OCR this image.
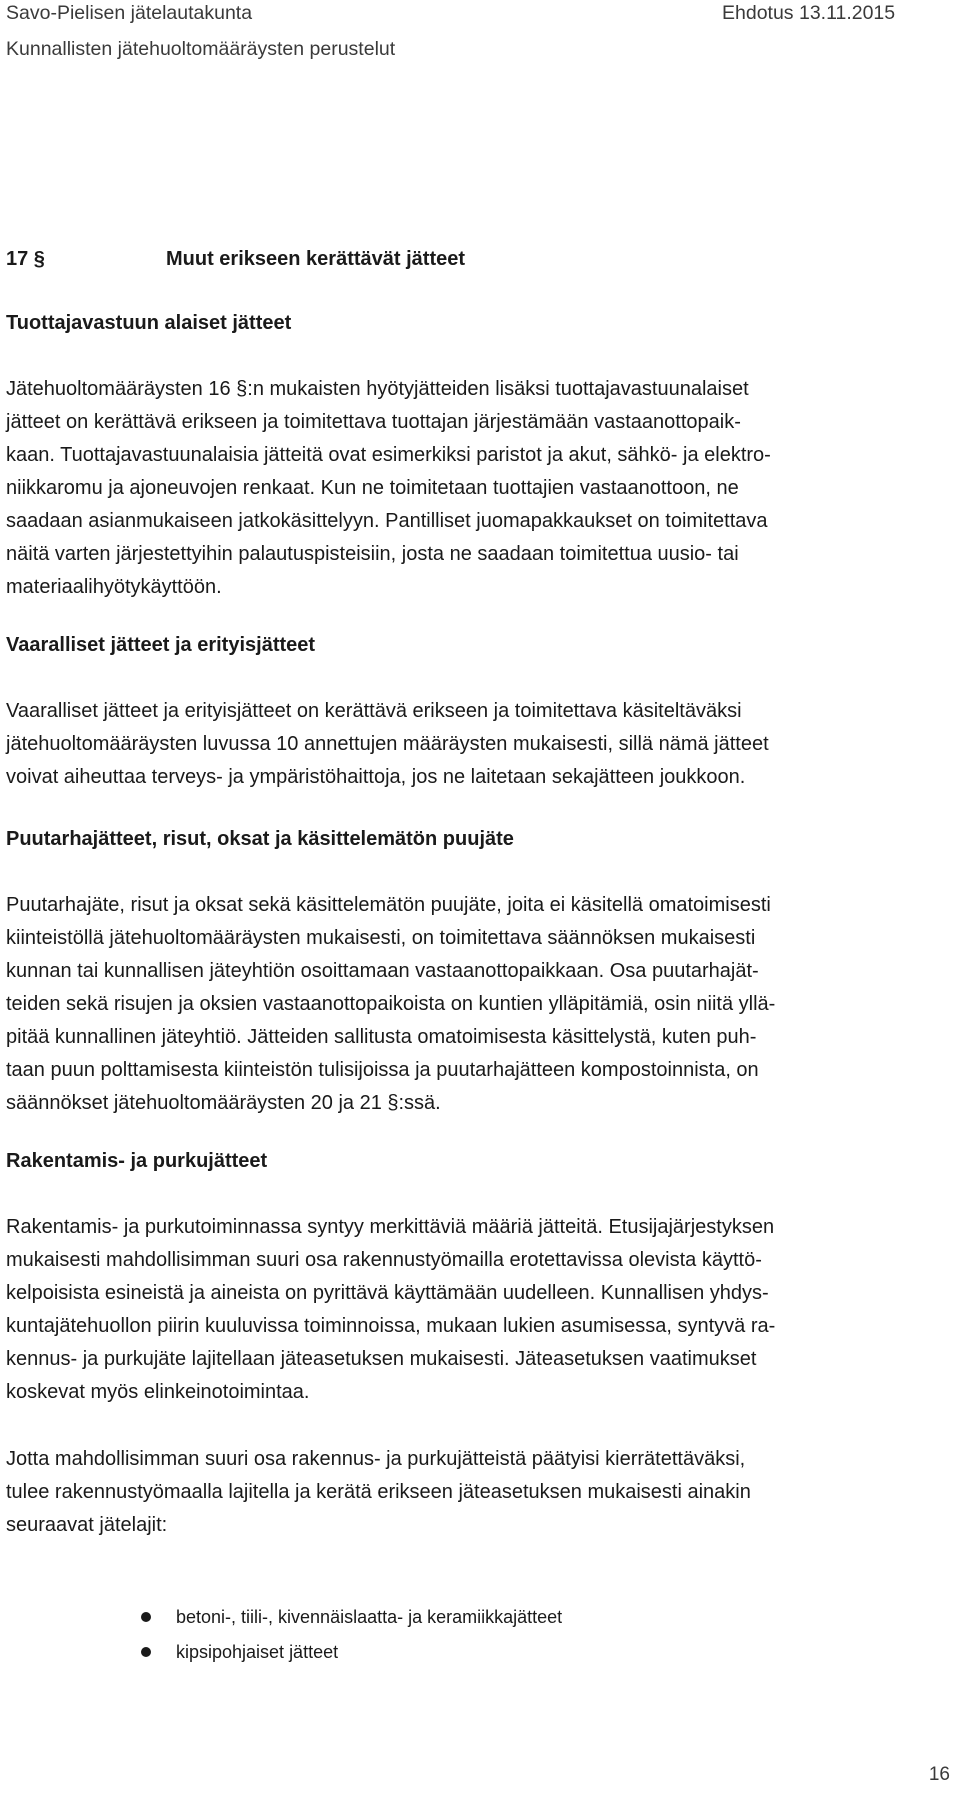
Savo-Pielisen jätelautakunta	Ehdotus 13.11.2015
Kunnallisten jätehuoltomääräysten perustelut
17 §	Muut erikseen kerättävät jätteet
Tuottajavastuun alaiset jätteet
Jätehuoltomääräysten 16 §:n mukaisten hyötyjätteiden lisäksi tuottajavastuunalaiset
jätteet on kerättävä erikseen ja toimitettava tuottajan järjestämään vastaanottopaik-
kaan. Tuottajavastuunalaisia jätteitä ovat esimerkiksi paristot ja akut, sähkö- ja elektro-
niikkaromu ja ajoneuvojen renkaat. Kun ne toimitetaan tuottajien vastaanottoon, ne
saadaan asianmukaiseen jatkokäsittelyyn. Pantilliset juomapakkaukset on toimitettava
näitä varten järjestettyihin palautuspisteisiin, josta ne saadaan toimitettua uusio- tai
materiaalihyötykäyttöön.
Vaaralliset jätteet ja erityisjätteet
Vaaralliset jätteet ja erityisjätteet on kerättävä erikseen ja toimitettava käsiteltäväksi
jätehuoltomääräysten luvussa 10 annettujen määräysten mukaisesti, sillä nämä jätteet
voivat aiheuttaa terveys- ja ympäristöhaittoja, jos ne laitetaan sekajätteen joukkoon.
Puutarhajätteet, risut, oksat ja käsittelemätön puujäte
Puutarhajäte, risut ja oksat sekä käsittelemätön puujäte, joita ei käsitellä omatoimisesti
kiinteistöllä jätehuoltomääräysten mukaisesti, on toimitettava säännöksen mukaisesti
kunnan tai kunnallisen jäteyhtiön osoittamaan vastaanottopaikkaan. Osa puutarhajät-
teiden sekä risujen ja oksien vastaanottopaikoista on kuntien ylläpitämiä, osin niitä yllä-
pitää kunnallinen jäteyhtiö. Jätteiden sallitusta omatoimisesta käsittelystä, kuten puh-
taan puun polttamisesta kiinteistön tulisijoissa ja puutarhajätteen kompostoinnista, on
säännökset jätehuoltomääräysten 20 ja 21 §:ssä.
Rakentamis- ja purkujätteet
Rakentamis- ja purkutoiminnassa syntyy merkittäviä määriä jätteitä. Etusijajärjestyksen
mukaisesti mahdollisimman suuri osa rakennustyömailla erotettavissa olevista käyttö-
kelpoisista esineistä ja aineista on pyrittävä käyttämään uudelleen. Kunnallisen yhdys-
kuntajätehuollon piirin kuuluvissa toiminnoissa, mukaan lukien asumisessa, syntyvä ra-
kennus- ja purkujäte lajitellaan jäteasetuksen mukaisesti. Jäteasetuksen vaatimukset
koskevat myös elinkeinotoimintaa.
Jotta mahdollisimman suuri osa rakennus- ja purkujätteistä päätyisi kierrätettäväksi,
tulee rakennustyömaalla lajitella ja kerätä erikseen jäteasetuksen mukaisesti ainakin
seuraavat jätelajit:
betoni-, tiili-, kivennäislaatta- ja keramiikkajätteet
kipsipohjaiset jätteet
16
